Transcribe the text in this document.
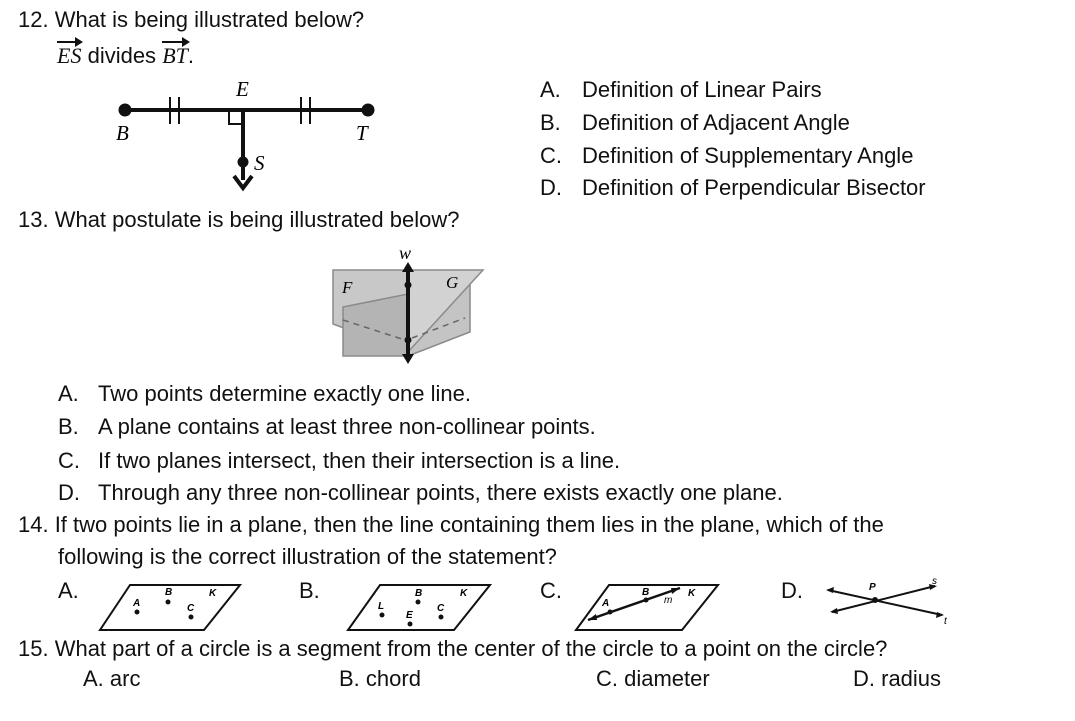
12. What is being illustrated below?
ES divides BT.
E
B	T
S
A. Definition of Linear Pairs
B. Definition of Adjacent Angle
C. Definition of Supplementary Angle
D. Definition of Perpendicular Bisector
13. What postulate is being illustrated below?
w
F	G
A. Two points determine exactly one line.
B. A plane contains at least three non-collinear points.
C. If two planes intersect, then their intersection is a line.
D. Through any three non-collinear points, there exists exactly one plane.
14. If two points lie in a plane, then the line containing them lies in the plane, which of the
following is the correct illustration of the statement?
A.	B.	C.	D.
A
B
C
K
L
B
E
C
K
A
B
m
K
P
s
t
15. What part of a circle is a segment from the center of the circle to a point on the circle?
A. arc	B. chord	C. diameter	D. radius
